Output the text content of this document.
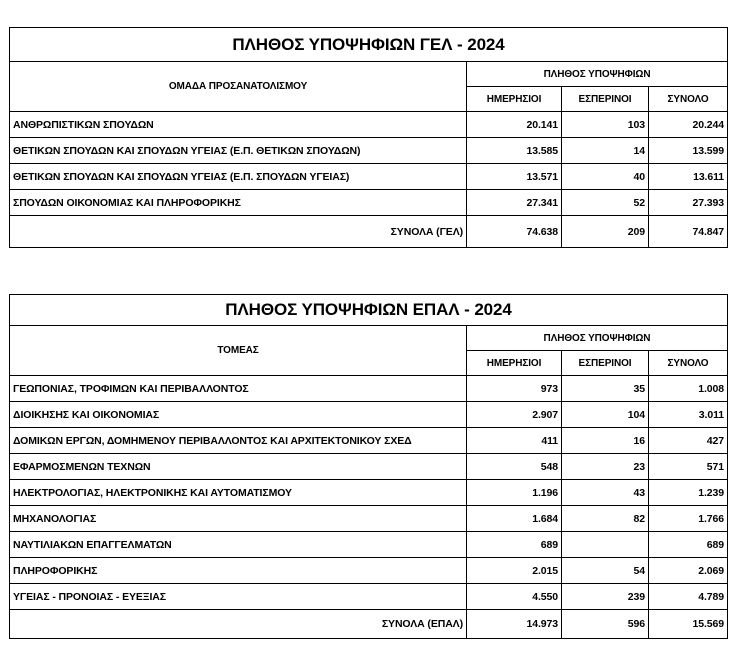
ΠΛΗΘΟΣ ΥΠΟΨΗΦΙΩΝ ΓΕΛ - 2024			
ΟΜΑΔΑ ΠΡΟΣΑΝΑΤΟΛΙΣΜΟΥ	ΠΛΗΘΟΣ ΥΠΟΨΗΦΙΩΝ		
	ΗΜΕΡΗΣΙΟΙ	ΕΣΠΕΡΙΝΟΙ	ΣΥΝΟΛΟ
ΑΝΘΡΩΠΙΣΤΙΚΩΝ ΣΠΟΥΔΩΝ	20.141	103	20.244
ΘΕΤΙΚΩΝ ΣΠΟΥΔΩΝ ΚΑΙ ΣΠΟΥΔΩΝ ΥΓΕΙΑΣ (Ε.Π. ΘΕΤΙΚΩΝ ΣΠΟΥΔΩΝ)	13.585	14	13.599
ΘΕΤΙΚΩΝ ΣΠΟΥΔΩΝ ΚΑΙ ΣΠΟΥΔΩΝ ΥΓΕΙΑΣ (Ε.Π. ΣΠΟΥΔΩΝ ΥΓΕΙΑΣ)	13.571	40	13.611
ΣΠΟΥΔΩΝ ΟΙΚΟΝΟΜΙΑΣ ΚΑΙ ΠΛΗΡΟΦΟΡΙΚΗΣ	27.341	52	27.393
ΣΥΝΟΛΑ (ΓΕΛ)	74.638	209	74.847
ΠΛΗΘΟΣ ΥΠΟΨΗΦΙΩΝ ΕΠΑΛ - 2024			
ΤΟΜΕΑΣ	ΠΛΗΘΟΣ ΥΠΟΨΗΦΙΩΝ		
	ΗΜΕΡΗΣΙΟΙ	ΕΣΠΕΡΙΝΟΙ	ΣΥΝΟΛΟ
ΓΕΩΠΟΝΙΑΣ, ΤΡΟΦΙΜΩΝ ΚΑΙ ΠΕΡΙΒΑΛΛΟΝΤΟΣ	973	35	1.008
ΔΙΟΙΚΗΣΗΣ ΚΑΙ ΟΙΚΟΝΟΜΙΑΣ	2.907	104	3.011
ΔΟΜΙΚΩΝ ΕΡΓΩΝ, ΔΟΜΗΜΕΝΟΥ ΠΕΡΙΒΑΛΛΟΝΤΟΣ ΚΑΙ ΑΡΧΙΤΕΚΤΟΝΙΚΟΥ ΣΧΕΔ	411	16	427
ΕΦΑΡΜΟΣΜΕΝΩΝ ΤΕΧΝΩΝ	548	23	571
ΗΛΕΚΤΡΟΛΟΓΙΑΣ, ΗΛΕΚΤΡΟΝΙΚΗΣ ΚΑΙ ΑΥΤΟΜΑΤΙΣΜΟΥ	1.196	43	1.239
ΜΗΧΑΝΟΛΟΓΙΑΣ	1.684	82	1.766
ΝΑΥΤΙΛΙΑΚΩΝ ΕΠΑΓΓΕΛΜΑΤΩΝ	689		689
ΠΛΗΡΟΦΟΡΙΚΗΣ	2.015	54	2.069
ΥΓΕΙΑΣ - ΠΡΟΝΟΙΑΣ - ΕΥΕΞΙΑΣ	4.550	239	4.789
ΣΥΝΟΛΑ (ΕΠΑΛ)	14.973	596	15.569
